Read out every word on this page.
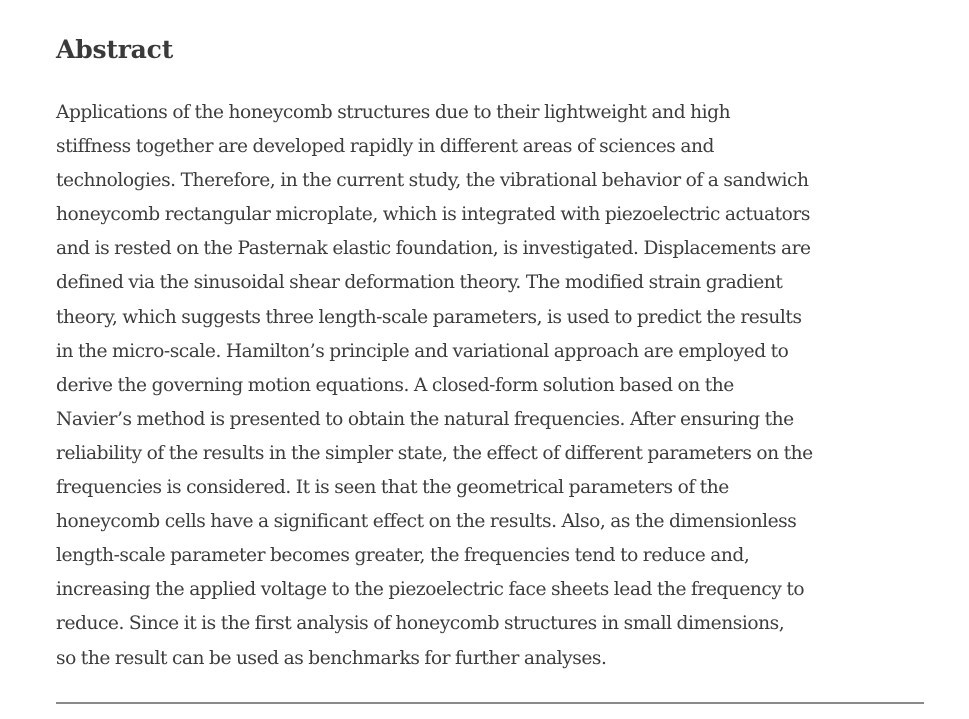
Abstract

Applications of the honeycomb structures due to their lightweight and high
stiffness together are developed rapidly in different areas of sciences and
technologies. Therefore, in the current study, the vibrational behavior of a sandwich
honeycomb rectangular microplate, which is integrated with piezoelectric actuators
and is rested on the Pasternak elastic foundation, is investigated. Displacements are
defined via the sinusoidal shear deformation theory. The modified strain gradient
theory, which suggests three length-scale parameters, is used to predict the results
in the micro-scale. Hamilton’s principle and variational approach are employed to
derive the governing motion equations. A closed-form solution based on the
Navier’s method is presented to obtain the natural frequencies. After ensuring the
reliability of the results in the simpler state, the effect of different parameters on the
frequencies is considered. It is seen that the geometrical parameters of the
honeycomb cells have a significant effect on the results. Also, as the dimensionless
length-scale parameter becomes greater, the frequencies tend to reduce and,
increasing the applied voltage to the piezoelectric face sheets lead the frequency to
reduce. Since it is the first analysis of honeycomb structures in small dimensions,
so the result can be used as benchmarks for further analyses.
